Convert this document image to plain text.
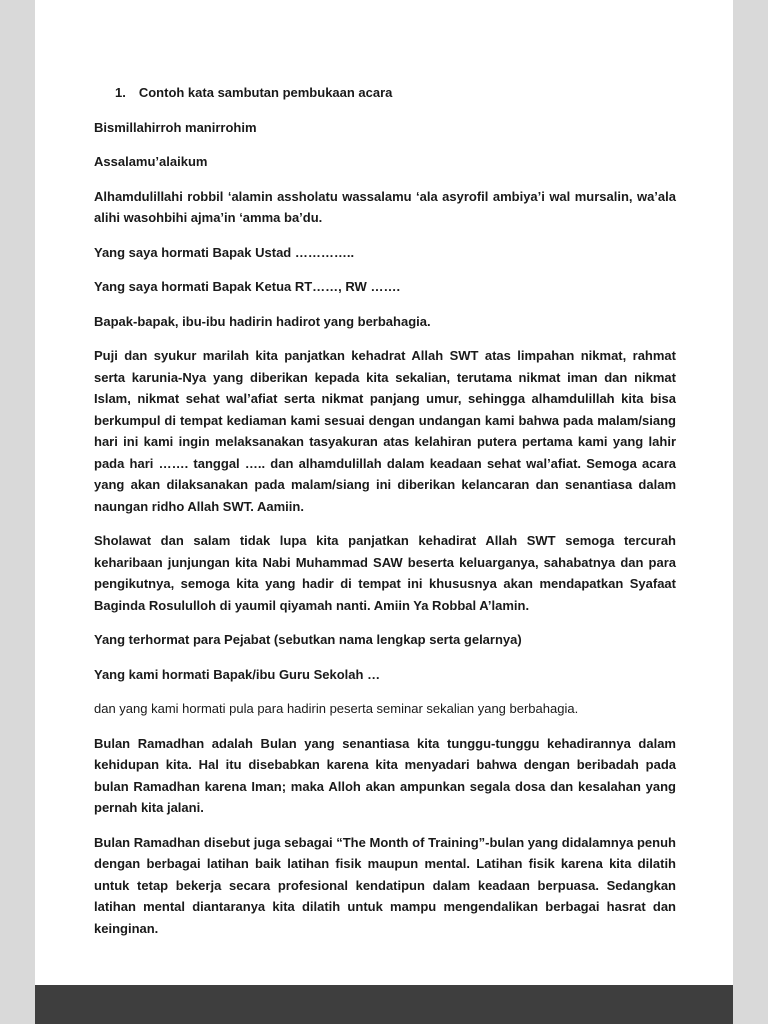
1. Contoh kata sambutan pembukaan acara

Bismillahirroh manirrohim

Assalamu’alaikum

Alhamdulillahi robbil ‘alamin assholatu wassalamu ‘ala asyrofil ambiya’i wal mursalin, wa’ala alihi wasohbihi ajma’in ‘amma ba’du.

Yang saya hormati Bapak Ustad …………..

Yang saya hormati Bapak Ketua RT……, RW …….

Bapak-bapak, ibu-ibu hadirin hadirot yang berbahagia.

Puji dan syukur marilah kita panjatkan kehadrat Allah SWT atas limpahan nikmat, rahmat serta karunia-Nya yang diberikan kepada kita sekalian, terutama nikmat iman dan nikmat Islam, nikmat sehat wal’afiat serta nikmat panjang umur, sehingga alhamdulillah kita bisa berkumpul di tempat kediaman kami sesuai dengan undangan kami bahwa pada malam/siang hari ini kami ingin melaksanakan tasyakuran atas kelahiran putera pertama kami yang lahir pada hari ……. tanggal ….. dan alhamdulillah dalam keadaan sehat wal’afiat. Semoga acara yang akan dilaksanakan pada malam/siang ini diberikan kelancaran dan senantiasa dalam naungan ridho Allah SWT. Aamiin.

Sholawat dan salam tidak lupa kita panjatkan kehadirat Allah SWT semoga tercurah keharibaan junjungan kita Nabi Muhammad SAW beserta keluarganya, sahabatnya dan para pengikutnya, semoga kita yang hadir di tempat ini khususnya akan mendapatkan Syafaat Baginda Rosululloh di yaumil qiyamah nanti. Amiin Ya Robbal A’lamin.

Yang terhormat para Pejabat (sebutkan nama lengkap serta gelarnya)

Yang kami hormati Bapak/ibu Guru Sekolah …

dan yang kami hormati pula para hadirin peserta seminar sekalian yang berbahagia.

Bulan Ramadhan adalah Bulan yang senantiasa kita tunggu-tunggu kehadirannya dalam kehidupan kita. Hal itu disebabkan karena kita menyadari bahwa dengan beribadah pada bulan Ramadhan karena Iman; maka Alloh akan ampunkan segala dosa dan kesalahan yang pernah kita jalani.

Bulan Ramadhan disebut juga sebagai “The Month of Training”-bulan yang didalamnya penuh dengan berbagai latihan baik latihan fisik maupun mental. Latihan fisik karena kita dilatih untuk tetap bekerja secara profesional kendatipun dalam keadaan berpuasa. Sedangkan latihan mental diantaranya kita dilatih untuk mampu mengendalikan berbagai hasrat dan keinginan.
